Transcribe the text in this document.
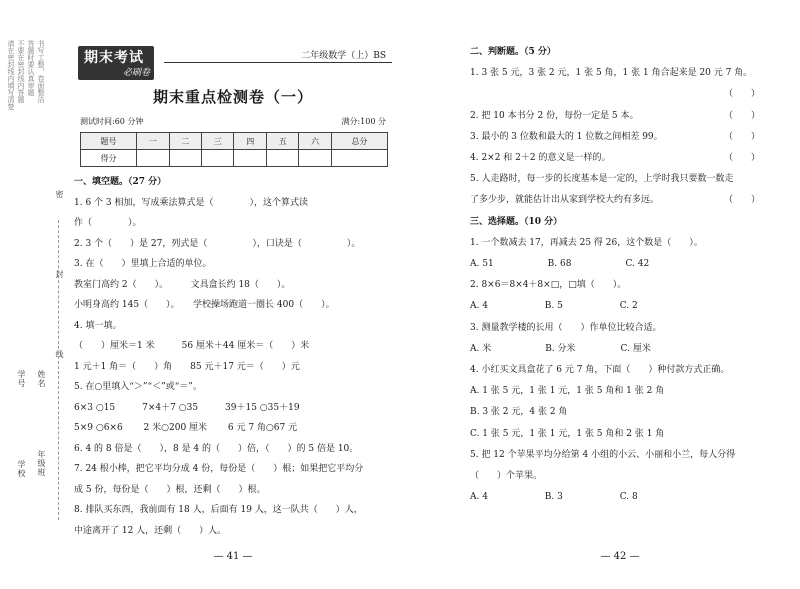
请在密封线内填写清楚 不要在密封线内答题 答题时要认真审题 书写工整，卷面整洁
学号 姓名
学校 年级班
密
封
线
期末考试
必刷卷
二年级数学（上）BS
期末重点检测卷（一）
测试时间:60 分钟	满分:100 分
题号	一	二	三	四	五	六	总分
得分							
一、填空题。（27 分）
1. 6 个 3 相加，写成乘法算式是（　　　　），这个算式读
作（　　　　）。
2. 3 个（　　）是 27，列式是（　　　　　），口诀是（　　　　　）。
3. 在（　　）里填上合适的单位。
教室门高约 2（　　）。　　　文具盒长约 18（　　）。
小明身高约 145（　　）。　　学校操场跑道一圈长 400（　　）。
4. 填一填。
（　　）厘米＝1 米　　　56 厘米＋44 厘米＝（　　）米
1 元＋1 角＝（　　）角　　85 元＋17 元＝（　　）元
5. 在○里填入“＞”“＜”或“＝”。
6×3 ○15　　　7×4＋7 ○35　　　39＋15 ○35＋19
5×9 ○6×6　　 2 米○200 厘米　　 6 元 7 角○67 元
6. 4 的 8 倍是（　　），8 是 4 的（　　）倍，（　　）的 5 倍是 10。
7. 24 根小棒，把它平均分成 4 份，每份是（　　）根；如果把它平均分
成 5 份，每份是（　　）根，还剩（　　）根。
8. 排队买东西，我前面有 18 人，后面有 19 人，这一队共（　　）人，
中途离开了 12 人，还剩（　　）人。
— 41 —
二、判断题。（5 分）
1. 3 张 5 元，3 张 2 元，1 张 5 角，1 张 1 角合起来是 20 元 7 角。
（　　）
2. 把 10 本书分 2 份，每份一定是 5 本。	（　　）
3. 最小的 3 位数和最大的 1 位数之间相差 99。	（　　）
4. 2×2 和 2＋2 的意义是一样的。	（　　）
5. 人走路时，每一步的长度基本是一定的，上学时我只要数一数走
了多少步，就能估计出从家到学校大约有多远。	（　　）
三、选择题。（10 分）
1. 一个数减去 17，再减去 25 得 26，这个数是（　　）。
A. 51　　　　　　B. 68　　　　　　C. 42
2. 8×6＝8×4＋8×□，□填（　　）。
A. 4　　　　　　 B. 5　　　　　　 C. 2
3. 测量教学楼的长用（　　）作单位比较合适。
A. 米　　　　　　B. 分米　　　　　C. 厘米
4. 小红买文具盒花了 6 元 7 角，下面（　　）种付款方式正确。
A. 1 张 5 元，1 张 1 元，1 张 5 角和 1 张 2 角
B. 3 张 2 元，4 张 2 角
C. 1 张 5 元，1 张 1 元，1 张 5 角和 2 张 1 角
5. 把 12 个苹果平均分给第 4 小组的小云、小丽和小兰，每人分得
（　　）个苹果。
A. 4　　　　　　 B. 3　　　　　　 C. 8
— 42 —
